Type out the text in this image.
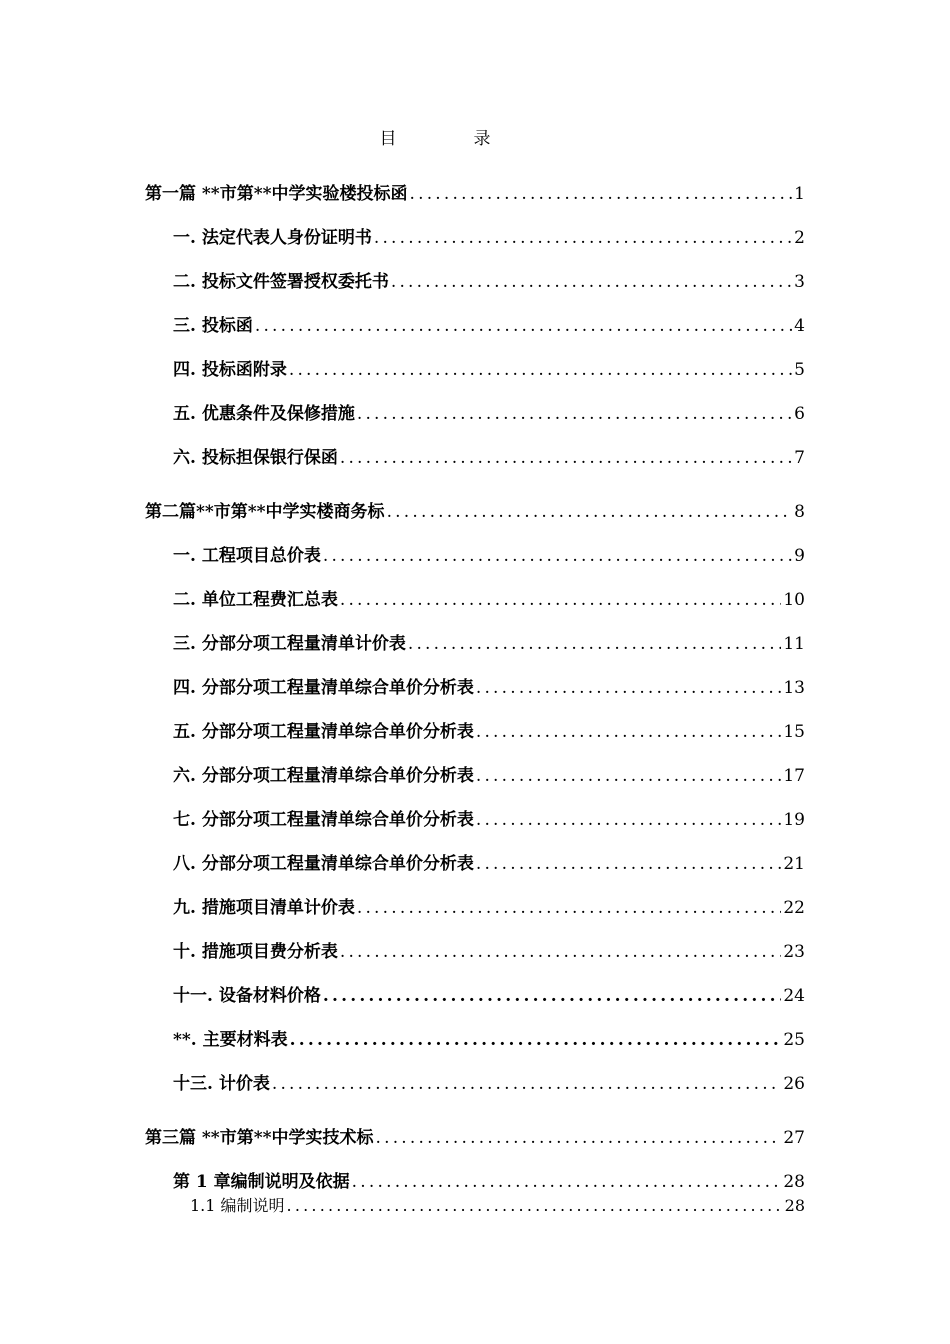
目　录
第一篇 **市第**中学实验楼投标函 .....	1
一. 法定代表人身份证明书 .....	2
二. 投标文件签署授权委托书 .....	3
三. 投标函 .....	4
四. 投标函附录 .....	5
五. 优惠条件及保修措施 .....	6
六. 投标担保银行保函 .....	7
第二篇**市第**中学实楼商务标 .....	8
一. 工程项目总价表 .....	9
二. 单位工程费汇总表 .....	10
三. 分部分项工程量清单计价表 .....	11
四. 分部分项工程量清单综合单价分析表 .....	13
五. 分部分项工程量清单综合单价分析表 .....	15
六. 分部分项工程量清单综合单价分析表 .....	17
七. 分部分项工程量清单综合单价分析表 .....	19
八. 分部分项工程量清单综合单价分析表 .....	21
九. 措施项目清单计价表 .....	22
十. 措施项目费分析表 .....	23
十一. 设备材料价格 .....	24
**. 主要材料表 .....	25
十三. 计价表 .....	26
第三篇 **市第**中学实技术标 .....	27
第 1 章编制说明及依据 .....	28
1.1 编制说明 .....	28
